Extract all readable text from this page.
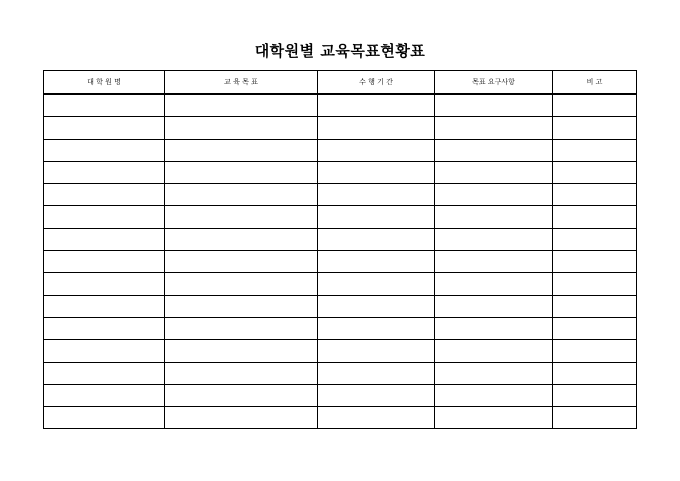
대학원별 교육목표현황표
대 학 원 명	교 육 목 표	수 행 기 간	목표 요구사항	비 고
